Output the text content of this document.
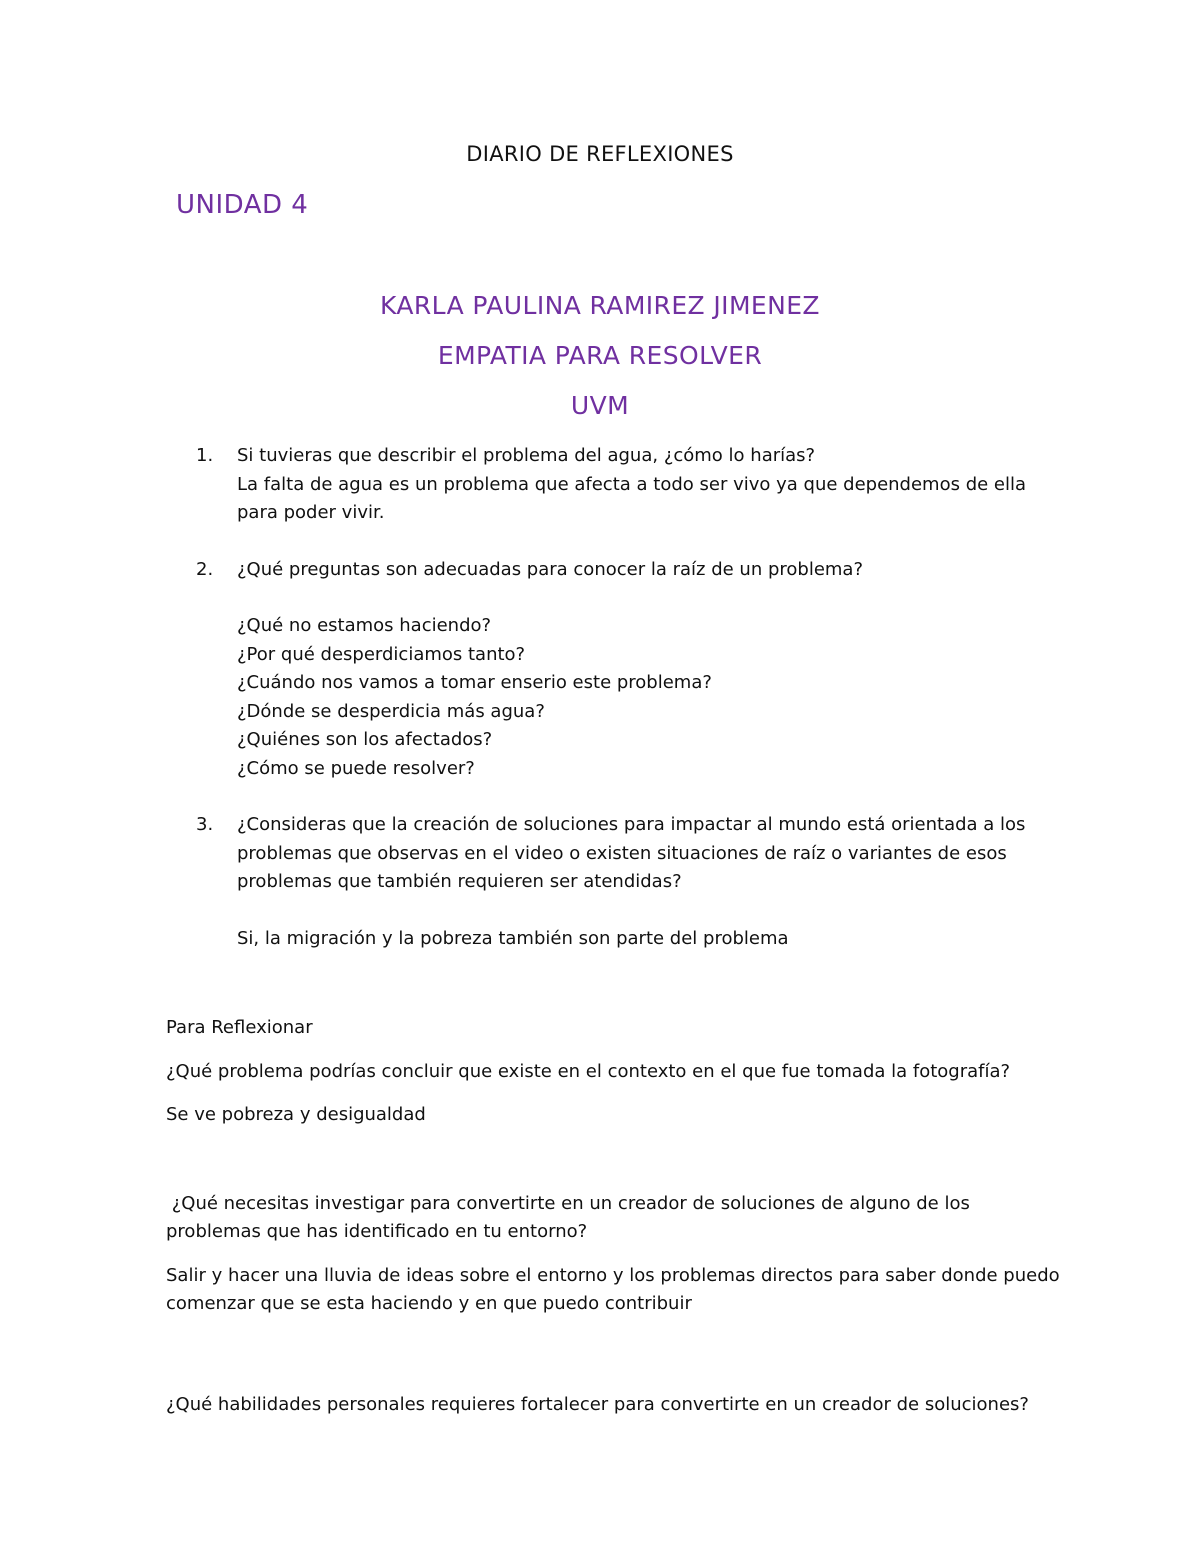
DIARIO DE REFLEXIONES
UNIDAD 4
KARLA PAULINA RAMIREZ JIMENEZ
EMPATIA PARA RESOLVER
UVM
1.	Si tuvieras que describir el problema del agua, ¿cómo lo harías?

La falta de agua es un problema que afecta a todo ser vivo ya que dependemos de ella

para poder vivir.

2.	¿Qué preguntas son adecuadas para conocer la raíz de un problema?

¿Qué no estamos haciendo?

¿Por qué desperdiciamos tanto?

¿Cuándo nos vamos a tomar enserio este problema?

¿Dónde se desperdicia más agua?

¿Quiénes son los afectados?

¿Cómo se puede resolver?

3.	¿Consideras que la creación de soluciones para impactar al mundo está orientada a los

problemas que observas en el video o existen situaciones de raíz o variantes de esos

problemas que también requieren ser atendidas?

Si, la migración y la pobreza también son parte del problema

Para Reflexionar

¿Qué problema podrías concluir que existe en el contexto en el que fue tomada la fotografía?

Se ve pobreza y desigualdad

¿Qué necesitas investigar para convertirte en un creador de soluciones de alguno de los

problemas que has identificado en tu entorno?

Salir y hacer una lluvia de ideas sobre el entorno y los problemas directos para saber donde puedo

comenzar que se esta haciendo y en que puedo contribuir

¿Qué habilidades personales requieres fortalecer para convertirte en un creador de soluciones?
